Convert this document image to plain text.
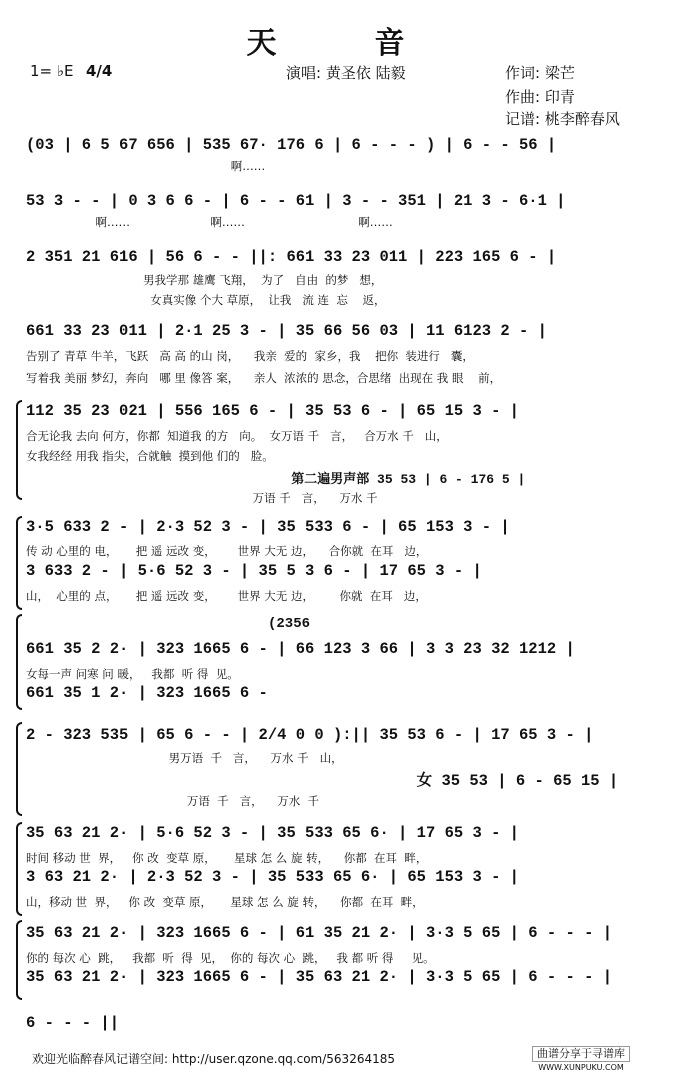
天　音
1= ♭E 4/4	演唱: 黄圣依 陆毅	作词: 梁芒
作曲: 印青
记谱: 桃李醉春风
(03 | 6 5 67 656 | 535 67· 176 6 | 6 - - - ) | 6 - - 56 |
啊……
53 3 - - | 0 3 6 6 - | 6 - - 61 | 3 - - 351 | 21 3 - 6·1 |
啊……                      啊……                               啊……
2 351 21 616 | 56 6 - - ||: 661 33 23 011 | 223 165 6 - |
男我学那 雄鹰 飞翔，  为了   自由  的梦   想，
女真实像 个大 草原，  让我   流 连  忘    返，
661 33 23 011 | 2·1 25 3 - | 35 66 56 03 | 11 6123 2 - |
告别了 青草 牛羊，飞跃   高 高 的山 岗，    我亲  爱的  家乡，我    把你  装进行   囊，
写着我 美丽 梦幻，奔向   哪 里 像答 案，    亲人  浓浓的 思念，合思绪  出现在 我 眼    前，
112 35 23 021 | 556 165 6 - | 35 53 6 - | 65 15 3 - |
合无论我 去向 何方，你都  知道我 的方   向。  女万语 千   言，   合万水 千   山，
女我经经 用我 指尖，合就触  摸到他 们的   脸。
第二遍男声部 35 53 | 6 - 176 5 |
万语 千   言，    万水 千
3·5 633 2 - | 2·3 52 3 - | 35 533 6 - | 65 153 3 - |
传 动 心里的 电，     把 遥 远改 变，      世界 大无 边，    合你就  在耳   边，
3 633 2 - | 5·6 52 3 - | 35 5 3 6 - | 17 65 3 - |
山，  心里的 点，     把 遥 远改 变，      世界 大无 边，       你就  在耳   边，
(2356
661 35 2 2· | 323 1665 6 - | 66 123 3 66 | 3 3 23 32 1212 |
女每一声 问寒 问 暖，   我都  听 得  见。
661 35 1 2· | 323 1665 6 -
2 - 323 535 | 65 6 - - | 2/4 0 0 ):|| 35 53 6 - | 17 65 3 - |
男万语  千   言，    万水 千   山，
女 35 53 | 6 - 65 15 |
万语  千   言，    万水  千
35 63 21 2· | 5·6 52 3 - | 35 533 65 6· | 17 65 3 - |
时间 移动 世  界，   你 改  变草 原，     星球 怎 么 旋 转，    你都  在耳  畔，
3 63 21 2· | 2·3 52 3 - | 35 533 65 6· | 65 153 3 - |
山，移动 世  界，   你 改  变草 原，     星球 怎 么 旋 转，    你都  在耳  畔，
35 63 21 2· | 323 1665 6 - | 61 35 21 2· | 3·3 5 65 | 6 - - - |
你的 每次 心  跳，   我都  听  得  见，  你的 每次 心  跳，   我 都 听 得     见。
35 63 21 2· | 323 1665 6 - | 35 63 21 2· | 3·3 5 65 | 6 - - - |
6 - - - ||
欢迎光临醉春风记谱空间: http://user.qzone.qq.com/563264185	曲谱分享于寻谱库
WWW.XUNPUKU.COM
